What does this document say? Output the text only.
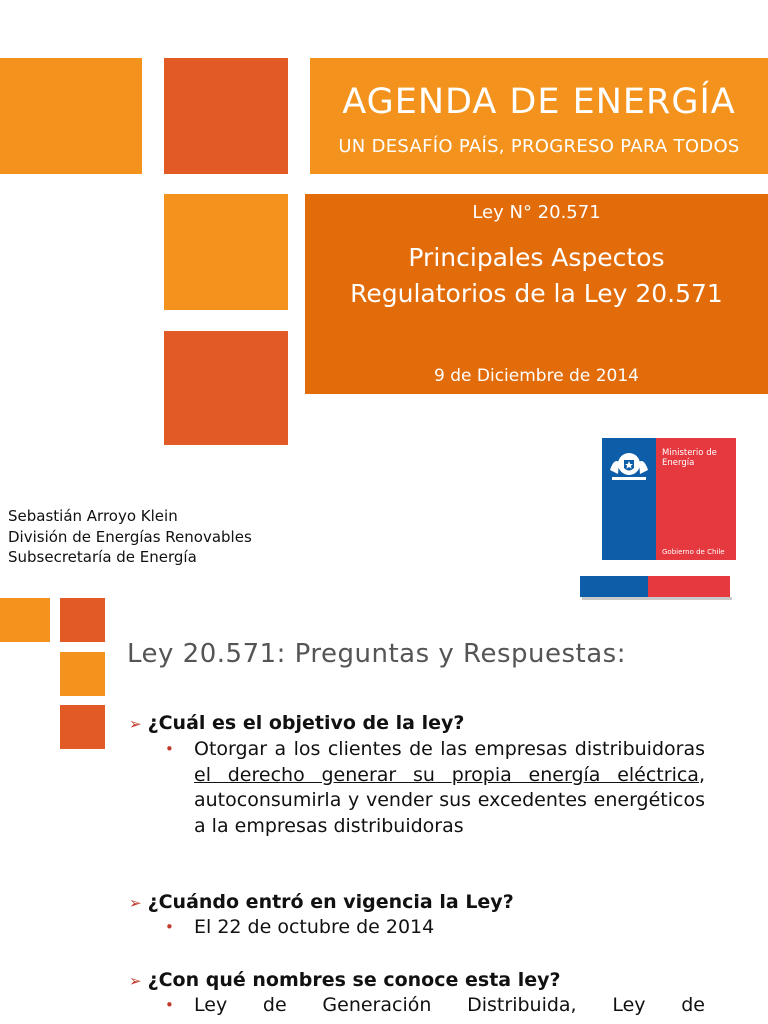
AGENDA DE ENERGÍA
UN DESAFÍO PAÍS, PROGRESO PARA TODOS
Ley N° 20.571
Principales Aspectos Regulatorios de la Ley 20.571
9 de Diciembre de 2014
Sebastián Arroyo Klein
División de Energías Renovables
Subsecretaría de Energía
Ministerio de Energía
Gobierno de Chile
Ley 20.571: Preguntas y Respuestas:
➢ ¿Cuál es el objetivo de la ley?
• Otorgar a los clientes de las empresas distribuidoras el derecho generar su propia energía eléctrica, autoconsumirla y vender sus excedentes energéticos a la empresas distribuidoras
➢ ¿Cuándo entró en vigencia la Ley?
• El 22 de octubre de 2014
➢ ¿Con qué nombres se conoce esta ley?
• Ley de Generación Distribuida, Ley de
